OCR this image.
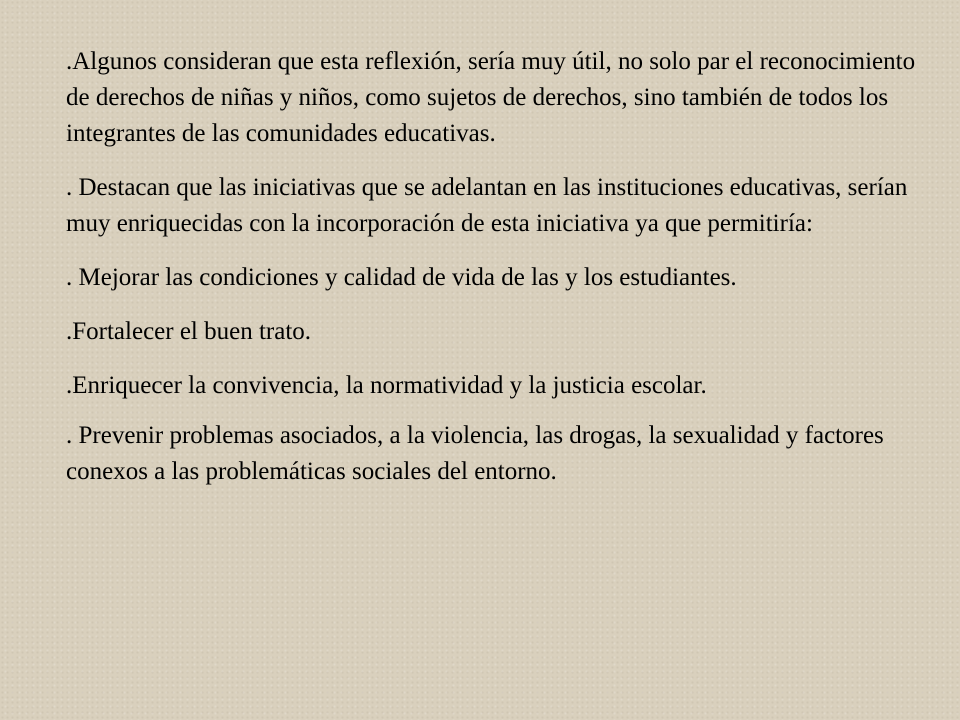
.Algunos consideran que esta reflexión, sería muy útil, no solo par el reconocimiento de derechos de niñas y niños, como sujetos de derechos, sino también de todos los integrantes de las comunidades educativas.

. Destacan que las iniciativas que se adelantan en las instituciones educativas, serían muy enriquecidas con la incorporación de esta iniciativa ya que permitiría:

. Mejorar las condiciones y calidad de vida de las y los estudiantes.

.Fortalecer el buen trato.

.Enriquecer la convivencia, la normatividad y la justicia escolar.

. Prevenir problemas asociados, a la violencia, las drogas, la sexualidad y factores conexos a las problemáticas sociales del entorno.
